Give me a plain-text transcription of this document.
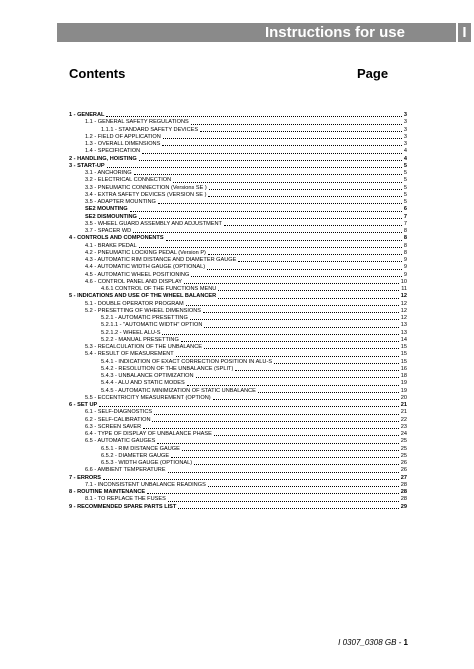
Instructions for use	I
Contents	Page
1 - GENERAL	3
1.1 - GENERAL SAFETY REGULATIONS	3
1.1.1 - STANDARD SAFETY DEVICES	3
1.2 - FIELD OF APPLICATION	3
1.3 - OVERALL DIMENSIONS	3
1.4 - SPECIFICATION	4
2 - HANDLING, HOISTING	4
3 - START-UP	5
3.1 - ANCHORING	5
3.2 - ELECTRICAL CONNECTION	5
3.3 - PNEUMATIC CONNECTION (Versions SE )	5
3.4 - EXTRA SAFETY DEVICES (VERSION SE )	5
3.5 - ADAPTER MOUNTING	5
SE2 MOUNTING	6
SE2 DISMOUNTING	7
3.5 - WHEEL GUARD ASSEMBLY AND ADJUSTMENT	7
3.7 - SPACER WD	8
4 - CONTROLS AND COMPONENTS	8
4.1 - BRAKE PEDAL	8
4.2 - PNEUMATIC LOCKING PEDAL (Version P)	8
4.3 - AUTOMATIC RIM DISTANCE AND DIAMETER GAUGE	9
4.4 - AUTOMATIC WIDTH GAUGE (OPTIONAL)	9
4.5 - AUTOMATIC WHEEL POSITIONING	9
4.6 - CONTROL PANEL AND DISPLAY	10
4.6.1 CONTROL OF THE FUNCTIONS MENU	11
5 - INDICATIONS AND USE OF THE WHEEL BALANCER	12
5.1 - DOUBLE OPERATOR PROGRAM	12
5.2 - PRESETTING OF WHEEL DIMENSIONS	12
5.2.1 - AUTOMATIC PRESETTING	12
5.2.1.1 - "AUTOMATIC WIDTH" OPTION	13
5.2.1.2 - WHEEL ALU-S	13
5.2.2 - MANUAL PRESETTING	14
5.3 - RECALCULATION OF THE UNBALANCE	15
5.4 - RESULT OF MEASUREMENT	15
5.4.1 - INDICATION OF EXACT CORRECTION POSITION IN ALU-S	15
5.4.2 - RESOLUTION OF THE UNBALANCE (SPLIT)	16
5.4.3 - UNBALANCE OPTIMIZATION	18
5.4.4 - ALU AND STATIC MODES	19
5.4.5 - AUTOMATIC MINIMIZATION OF STATIC UNBALANCE	19
5.5 - ECCENTRICITY MEASUREMENT (OPTION)	20
6 - SET UP	21
6.1 - SELF-DIAGNOSTICS	21
6.2 - SELF-CALIBRATION	22
6.3 - SCREEN SAVER	23
6.4 - TYPE OF DISPLAY OF UNBALANCE PHASE	24
6.5 - AUTOMATIC GAUGES	25
6.5.1 - RIM DISTANCE GAUGE	25
6.5.2 - DIAMETER GAUGE	25
6.5.3 - WIDTH GAUGE (OPTIONAL)	26
6.6 - AMBIENT TEMPERATURE	26
7 - ERRORS	27
7.1 - INCONSISTENT UNBALANCE READINGS	28
8 - ROUTINE MAINTENANCE	28
8.1 - TO REPLACE THE FUSES	28
9 - RECOMMENDED SPARE PARTS LIST	29
I 0307_0308 GB - 1
